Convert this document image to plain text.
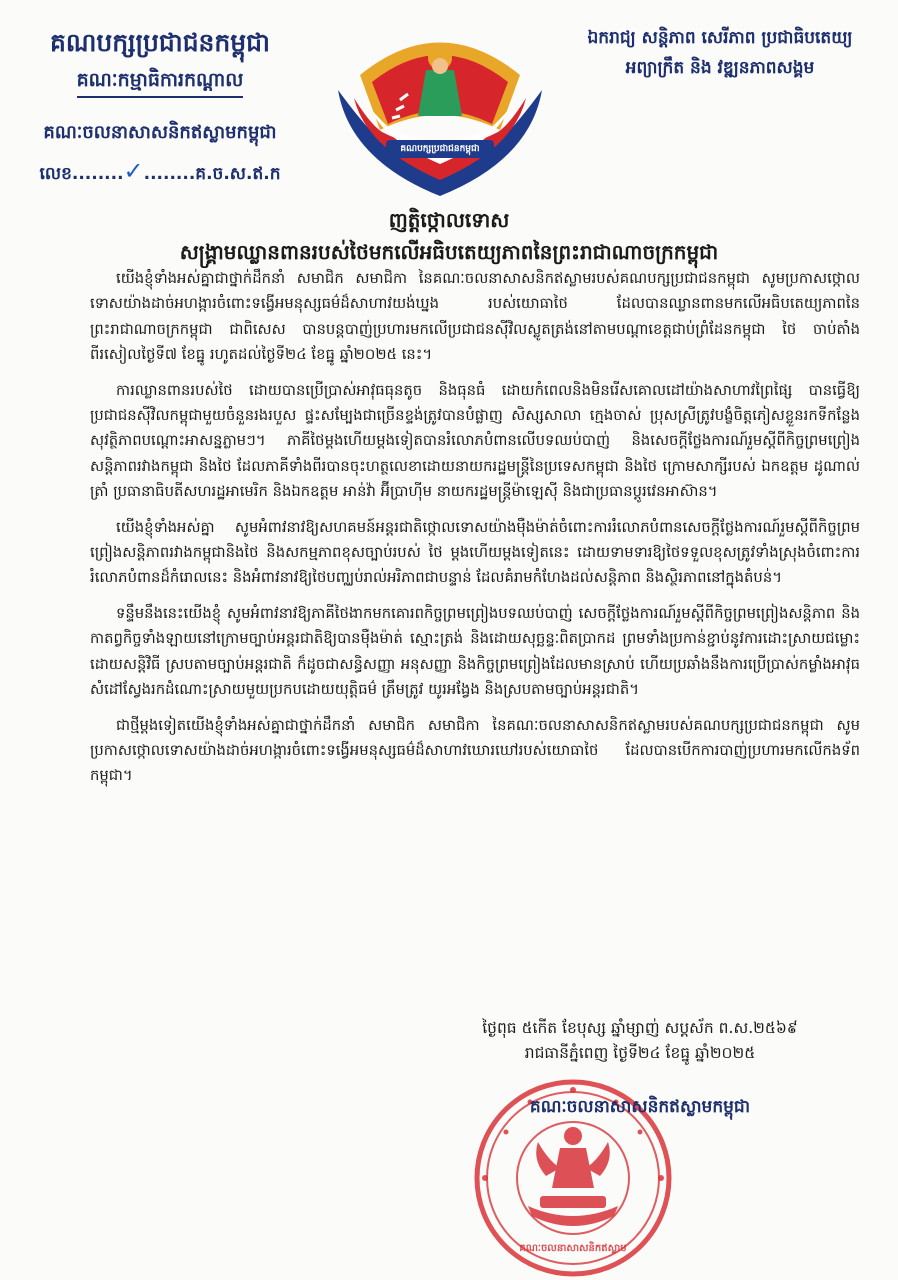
គណបក្សប្រជាជនកម្ពុជា

គណៈកម្មាធិការកណ្តាល

គណៈចលនាសាសនិកឥស្លាមកម្ពុជា

លេខ........✓........គ.ច.ស.ឥ.ក

គណបក្សប្រជាជនកម្ពុជា

ឯករាជ្យ សន្តិភាព សេរីភាព ប្រជាធិបតេយ្យ

អព្យាក្រឹត និង វឌ្ឍនភាពសង្គម

ញត្តិថ្កោលទោស

សង្គ្រាមឈ្លានពានរបស់ថៃមកលើអធិបតេយ្យភាពនៃព្រះរាជាណាចក្រកម្ពុជា

យើងខ្ញុំទាំងអស់គ្នាជាថ្នាក់ដឹកនាំ សមាជិក សមាជិកា នៃគណៈចលនាសាសនិកឥស្លាមរបស់គណបក្សប្រជាជនកម្ពុជា សូមប្រកាសថ្កោលទោសយ៉ាងដាច់អហង្ការចំពោះទង្វើអមនុស្សធម៌ដ៏សាហាវយង់ឃ្នង របស់យោធាថៃ ដែលបានឈ្លានពានមកលើអធិបតេយ្យភាពនៃព្រះរាជាណាចក្រកម្ពុជា ជាពិសេស បានបន្តបាញ់ប្រហារមកលើប្រជាជនស៊ីវិលស្លូតត្រង់នៅតាមបណ្តាខេត្តជាប់ព្រំដែនកម្ពុជា ថៃ ចាប់តាំងពីរសៀលថ្ងៃទី៧ ខែធ្នូ រហូតដល់ថ្ងៃទី២៤ ខែធ្នូ ឆ្នាំ២០២៥ នេះ។

ការឈ្លានពានរបស់ថៃ ដោយបានប្រើប្រាស់អាវុធធុនតូច និងធុនធំ ដោយកំពេលនិងមិនរើសគោលដៅយ៉ាងសាហាវព្រៃផ្សៃ បានធ្វើឱ្យប្រជាជនស៊ីវិលកម្ពុជាមួយចំនួនរងរបួស ផ្ទះសម្បែងជាច្រើនខ្ទង់ត្រូវបានបំផ្លាញ សិស្សសាលា ក្មេងចាស់ ប្រុសស្រីត្រូវបង្ខំចិត្តភៀសខ្លួនរកទីកន្លែងសុវត្ថិភាពបណ្តោះអាសន្នភ្លាមៗ។ ភាគីថៃម្តងហើយម្តងទៀតបានរំលោភបំពានលើបទឈប់បាញ់ និងសេចក្តីថ្លែងការណ៍រួមស្តីពីកិច្ចព្រមព្រៀងសន្តិភាពរវាងកម្ពុជា និងថៃ ដែលភាគីទាំងពីរបានចុះហត្ថលេខាដោយនាយករដ្ឋមន្ត្រីនៃប្រទេសកម្ពុជា និងថៃ ក្រោមសាក្សីរបស់ ឯកឧត្តម ដូណាល់ ត្រាំ ប្រធានាធិបតីសហរដ្ឋអាមេរិក និងឯកឧត្តម អាន់វ៉ា អ៊ីប្រាហ៊ីម នាយករដ្ឋមន្ត្រីម៉ាឡេស៊ី និងជាប្រធានប្តូរវេនអាស៊ាន។

យើងខ្ញុំទាំងអស់គ្នា សូមអំពាវនាវឱ្យសហគមន៍អន្តរជាតិថ្កោលទោសយ៉ាងម៉ឺងម៉ាត់ចំពោះការរំលោភបំពានសេចក្តីថ្លែងការណ៍រួមស្តីពីកិច្ចព្រមព្រៀងសន្តិភាពរវាងកម្ពុជានិងថៃ និងសកម្មភាពខុសច្បាប់របស់ ថៃ ម្តងហើយម្តងទៀតនេះ ដោយទាមទារឱ្យថៃទទួលខុសត្រូវទាំងស្រុងចំពោះការរំលោភបំពានដ៏កំរោលនេះ និងអំពាវនាវឱ្យថៃបញ្ឈប់រាល់អរិភាពជាបន្ទាន់ ដែលគំរាមកំហែងដល់សន្តិភាព និងស្ថិរភាពនៅក្នុងតំបន់។

ទន្ទឹមនឹងនេះយើងខ្ញុំ សូមអំពាវនាវឱ្យភាគីថៃងាកមកគោរពកិច្ចព្រមព្រៀងបទឈប់បាញ់ សេចក្តីថ្លែងការណ៍រួមស្តីពីកិច្ចព្រមព្រៀងសន្តិភាព និងកាតព្វកិច្ចទាំងឡាយនៅក្រោមច្បាប់អន្តរជាតិឱ្យបានម៉ឺងម៉ាត់ ស្មោះត្រង់ និងដោយសុច្ឆន្ទៈពិតប្រាកដ ព្រមទាំងប្រកាន់ខ្ជាប់នូវការដោះស្រាយជម្លោះដោយសន្តិវិធី ស្របតាមច្បាប់អន្តរជាតិ ក៏ដូចជាសន្ធិសញ្ញា អនុសញ្ញា និងកិច្ចព្រមព្រៀងដែលមានស្រាប់ ហើយប្រឆាំងនឹងការប្រើប្រាស់កម្លាំងអាវុធ សំដៅស្វែងរកដំណោះស្រាយមួយប្រកបដោយយុត្តិធម៌ ត្រឹមត្រូវ យូរអង្វែង និងស្របតាមច្បាប់អន្តរជាតិ។

ជាថ្មីម្តងទៀតយើងខ្ញុំទាំងអស់គ្នាជាថ្នាក់ដឹកនាំ សមាជិក សមាជិកា នៃគណៈចលនាសាសនិកឥស្លាមរបស់គណបក្សប្រជាជនកម្ពុជា សូមប្រកាសថ្កោលទោសយ៉ាងដាច់អហង្ការចំពោះទង្វើអមនុស្សធម៌ដ៏សាហាវឃោរឃៅរបស់យោធាថៃ ដែលបានបើកការបាញ់ប្រហារមកលើកងទ័ពកម្ពុជា។

ថ្ងៃពុធ ៥កើត ខែបុស្ស ឆ្នាំម្សាញ់ សប្តស័ក ព.ស.២៥៦៩

រាជធានីភ្នំពេញ ថ្ងៃទី២៤ ខែធ្នូ ឆ្នាំ២០២៥

គណៈចលនាសាសនិកឥស្លាម
គណៈចលនាសាសនិកឥស្លាមកម្ពុជា
